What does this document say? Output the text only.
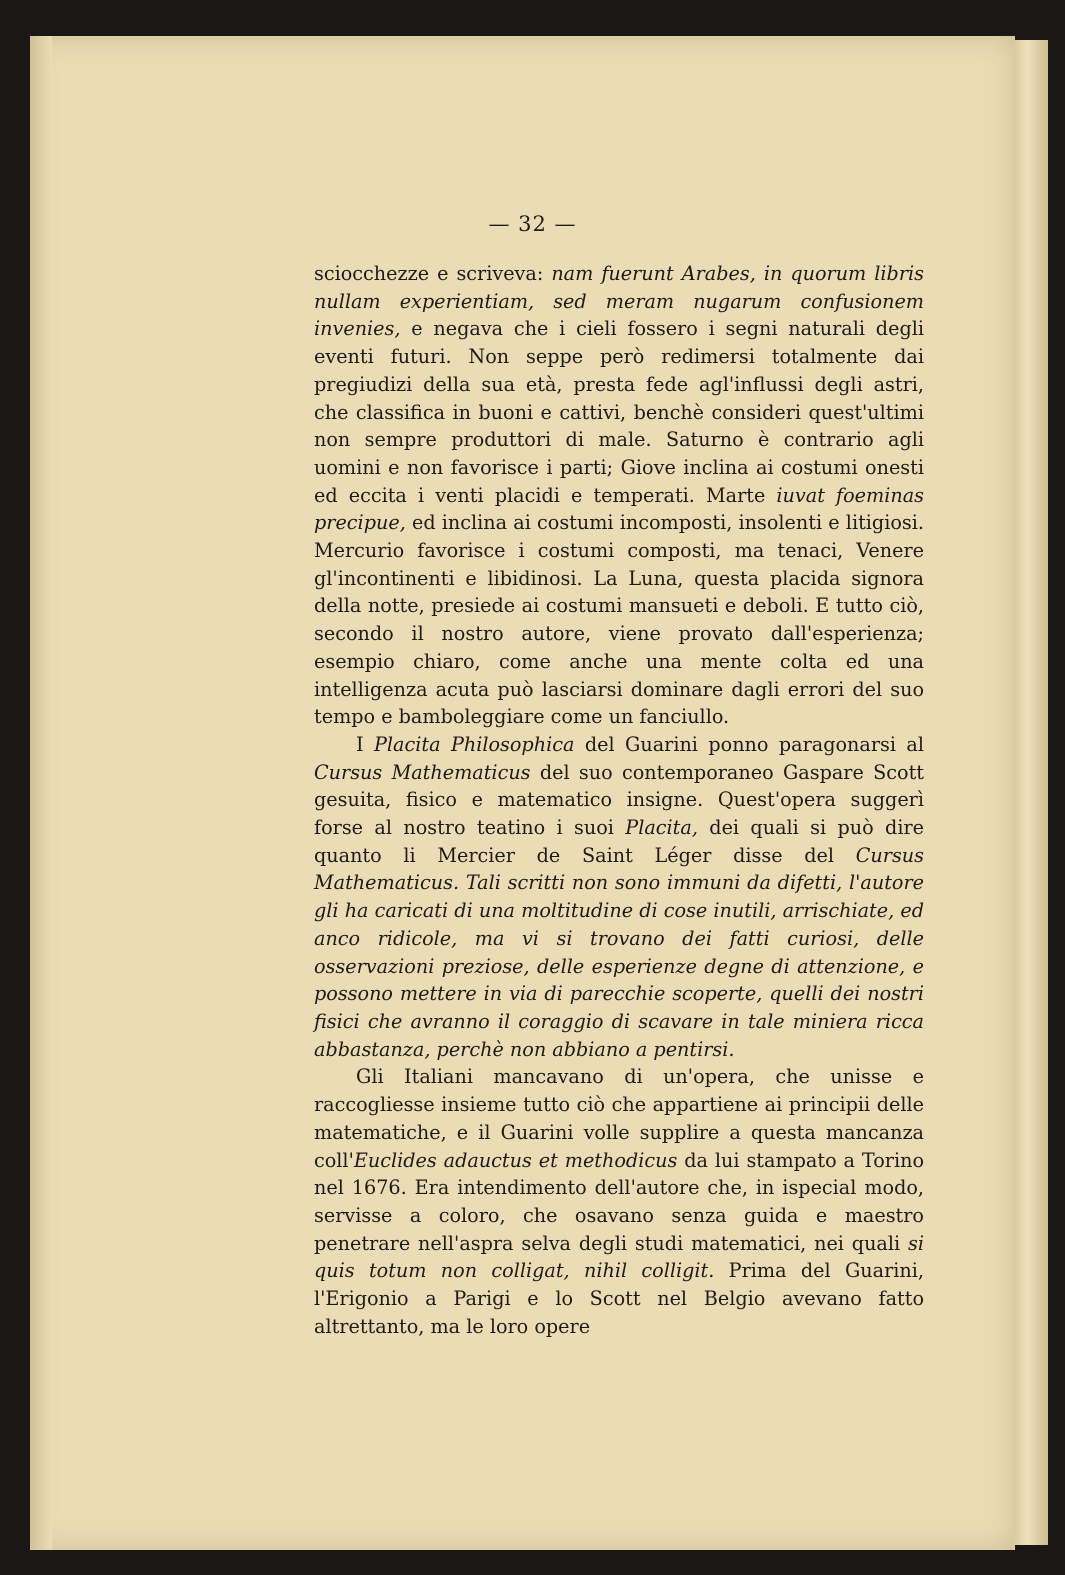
— 32 —

sciocchezze e scriveva: nam fuerunt Arabes, in quorum libris nullam experientiam, sed meram nugarum confusionem invenies, e negava che i cieli fossero i segni naturali degli eventi futuri. Non seppe però redimersi totalmente dai pregiudizi della sua età, presta fede agl'influssi degli astri, che classifica in buoni e cattivi, benchè consideri quest'ultimi non sempre produttori di male. Saturno è contrario agli uomini e non favorisce i parti; Giove inclina ai costumi onesti ed eccita i venti placidi e temperati. Marte iuvat foeminas precipue, ed inclina ai costumi incomposti, insolenti e litigiosi. Mercurio favorisce i costumi composti, ma tenaci, Venere gl'incontinenti e libidinosi. La Luna, questa placida signora della notte, presiede ai costumi mansueti e deboli. E tutto ciò, secondo il nostro autore, viene provato dall'esperienza; esempio chiaro, come anche una mente colta ed una intelligenza acuta può lasciarsi dominare dagli errori del suo tempo e bamboleggiare come un fanciullo.

I Placita Philosophica del Guarini ponno paragonarsi al Cursus Mathematicus del suo contemporaneo Gaspare Scott gesuita, fisico e matematico insigne. Quest'opera suggerì forse al nostro teatino i suoi Placita, dei quali si può dire quanto li Mercier de Saint Léger disse del Cursus Mathematicus. Tali scritti non sono immuni da difetti, l'autore gli ha caricati di una moltitudine di cose inutili, arrischiate, ed anco ridicole, ma vi si trovano dei fatti curiosi, delle osservazioni preziose, delle esperienze degne di attenzione, e possono mettere in via di parecchie scoperte, quelli dei nostri fisici che avranno il coraggio di scavare in tale miniera ricca abbastanza, perchè non abbiano a pentirsi.

Gli Italiani mancavano di un'opera, che unisse e raccogliesse insieme tutto ciò che appartiene ai principii delle matematiche, e il Guarini volle supplire a questa mancanza coll'Euclides adauctus et methodicus da lui stampato a Torino nel 1676. Era intendimento dell'autore che, in ispecial modo, servisse a coloro, che osavano senza guida e maestro penetrare nell'aspra selva degli studi matematici, nei quali si quis totum non colligat, nihil colligit. Prima del Guarini, l'Erigonio a Parigi e lo Scott nel Belgio avevano fatto altrettanto, ma le loro opere
